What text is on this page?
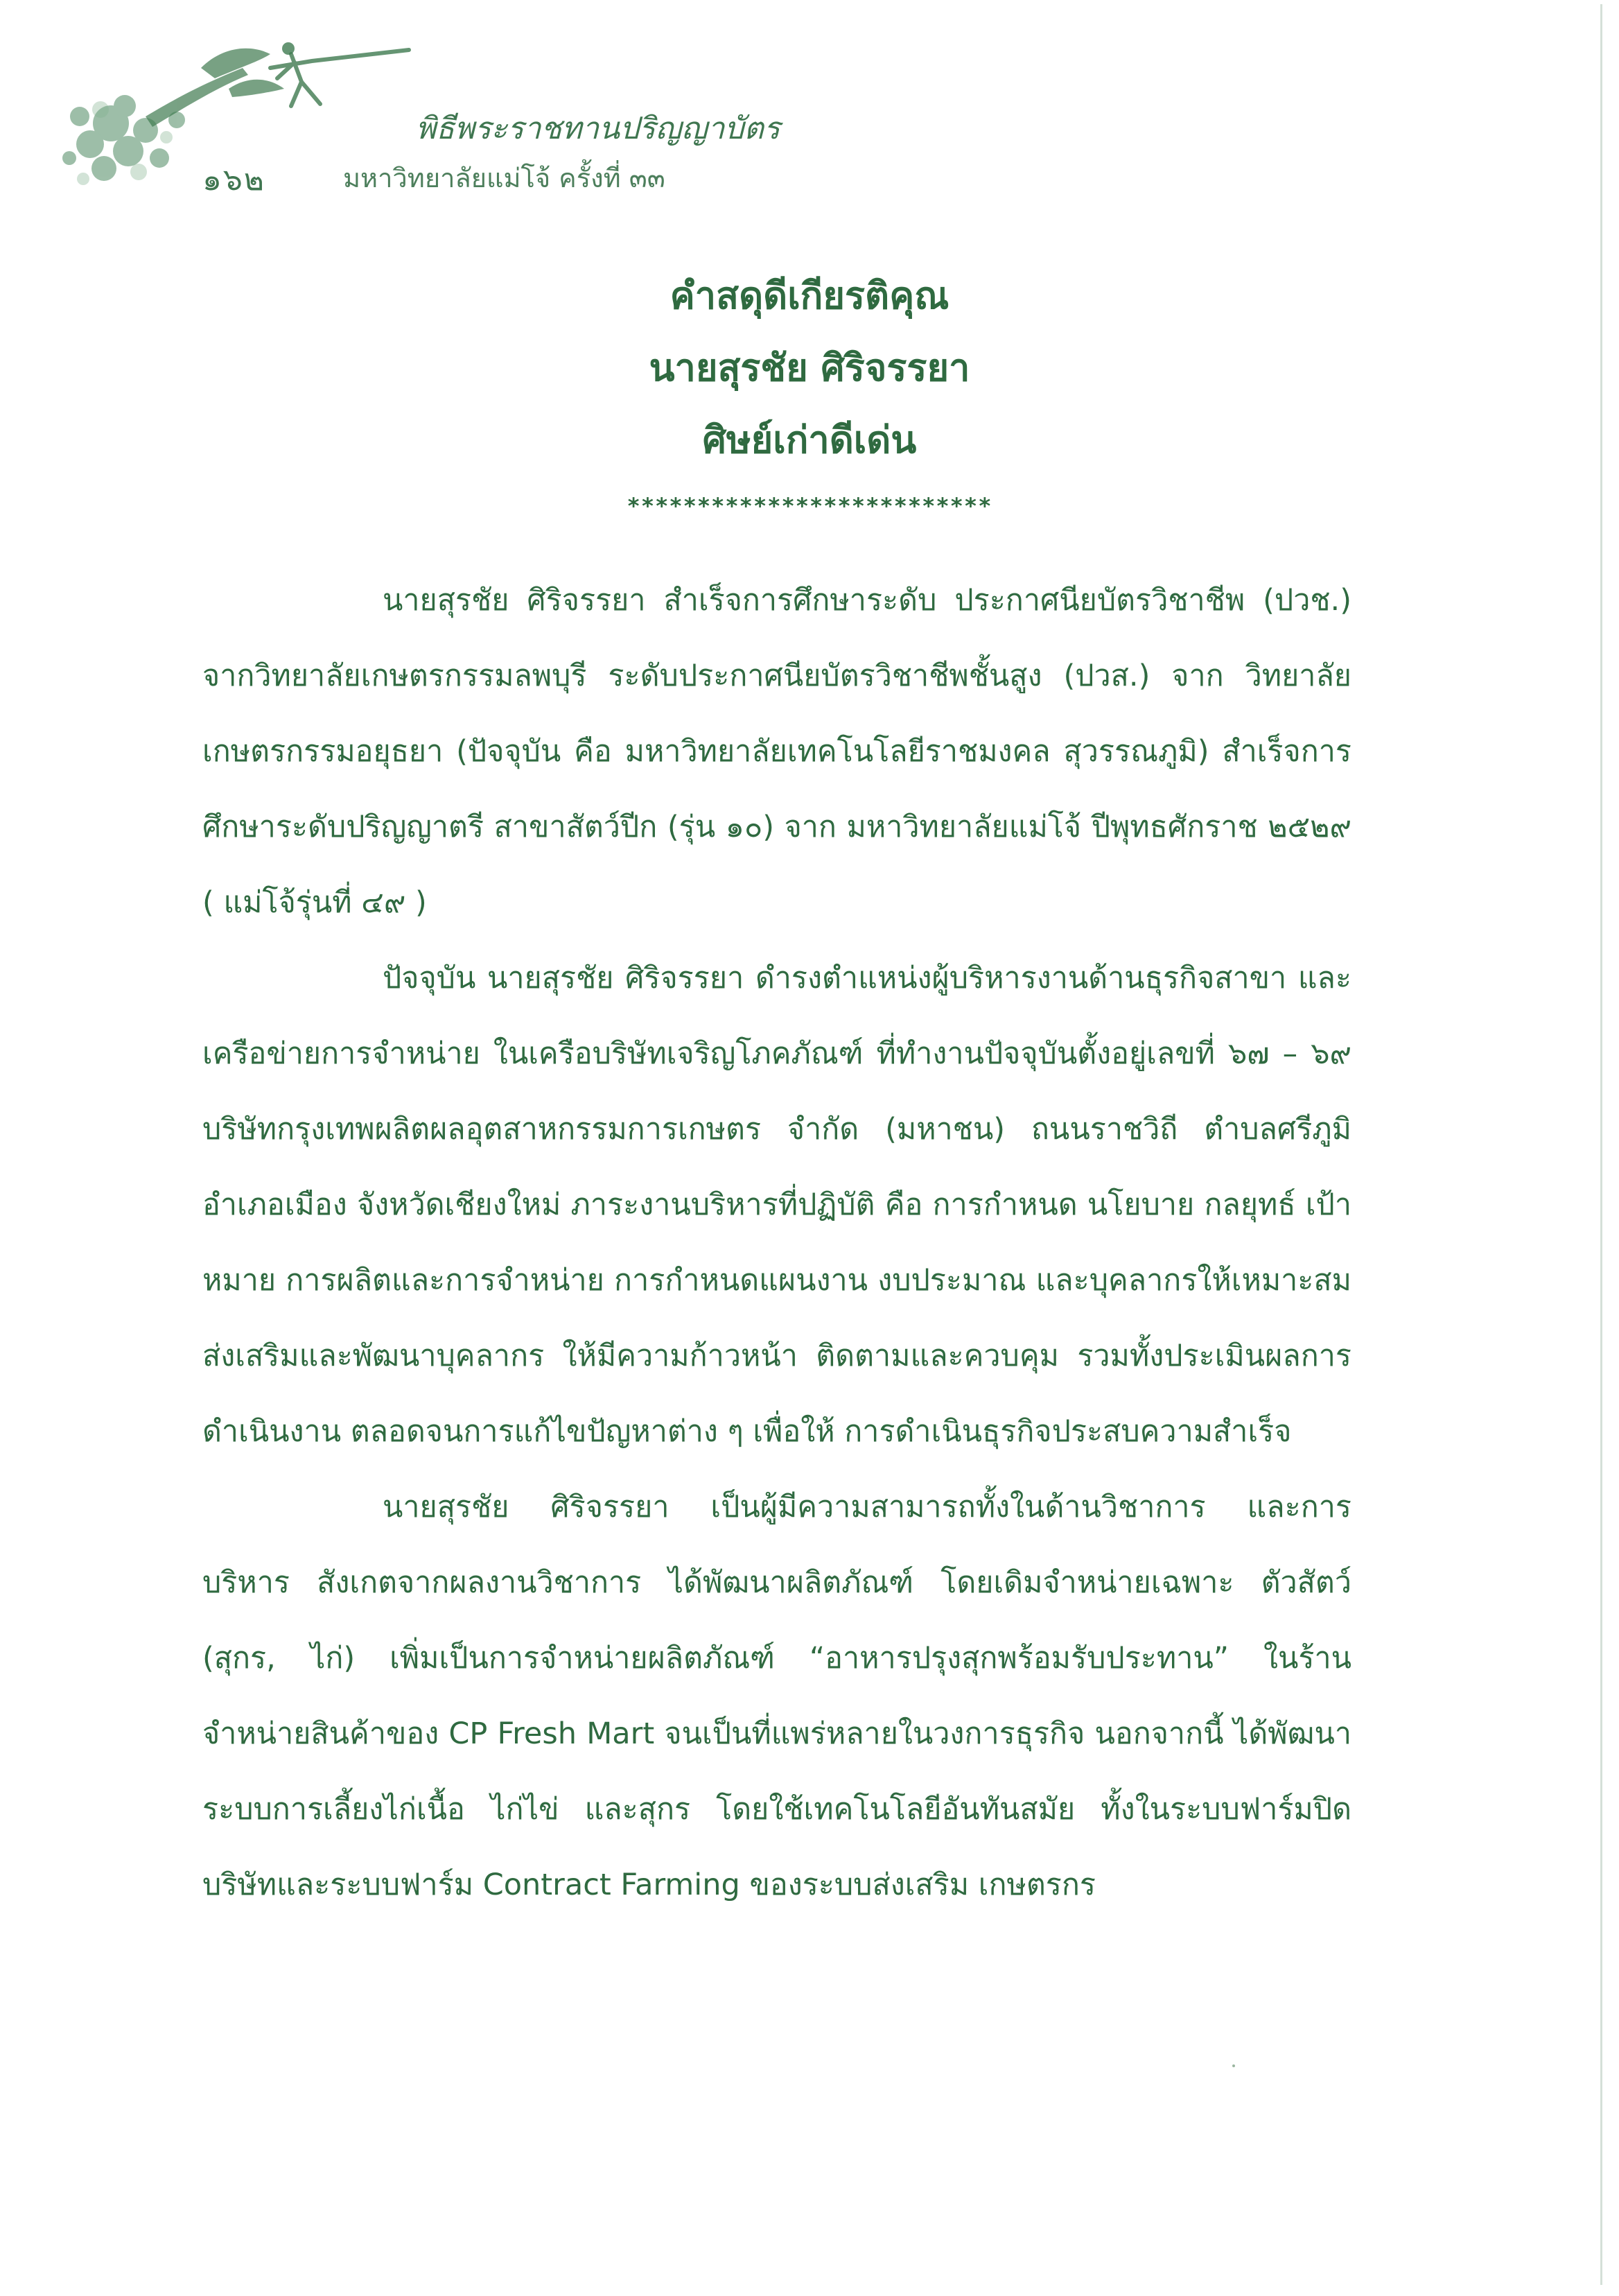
พิธีพระราชทานปริญญาบัตร
๑๖๒	มหาวิทยาลัยแม่โจ้ ครั้งที่ ๓๓

คำสดุดีเกียรติคุณ

นายสุรชัย ศิริจรรยา

ศิษย์เก่าดีเด่น

**************************

นายสุรชัย ศิริจรรยา สำเร็จการศึกษาระดับ ประกาศนียบัตรวิชาชีพ (ปวช.) จากวิทยาลัยเกษตรกรรมลพบุรี ระดับประกาศนียบัตรวิชาชีพชั้นสูง (ปวส.) จาก วิทยาลัยเกษตรกรรมอยุธยา (ปัจจุบัน คือ มหาวิทยาลัยเทคโนโลยีราชมงคล สุวรรณภูมิ) สำเร็จการศึกษาระดับปริญญาตรี สาขาสัตว์ปีก (รุ่น ๑๐) จาก มหาวิทยาลัยแม่โจ้ ปีพุทธศักราช ๒๕๒๙ ( แม่โจ้รุ่นที่ ๔๙ )

ปัจจุบัน นายสุรชัย ศิริจรรยา ดำรงตำแหน่งผู้บริหารงานด้านธุรกิจสาขา และเครือข่ายการจำหน่าย ในเครือบริษัทเจริญโภคภัณฑ์ ที่ทำงานปัจจุบันตั้งอยู่เลขที่ ๖๗ – ๖๙ บริษัทกรุงเทพผลิตผลอุตสาหกรรมการเกษตร จำกัด (มหาชน) ถนนราชวิถี ตำบลศรีภูมิ อำเภอเมือง จังหวัดเชียงใหม่ ภาระงานบริหารที่ปฏิบัติ คือ การกำหนด นโยบาย กลยุทธ์ เป้าหมาย การผลิตและการจำหน่าย การกำหนดแผนงาน งบประมาณ และบุคลากรให้เหมาะสม ส่งเสริมและพัฒนาบุคลากร ให้มีความก้าวหน้า ติดตามและควบคุม รวมทั้งประเมินผลการดำเนินงาน ตลอดจนการแก้ไขปัญหาต่าง ๆ เพื่อให้ การดำเนินธุรกิจประสบความสำเร็จ

นายสุรชัย ศิริจรรยา เป็นผู้มีความสามารถทั้งในด้านวิชาการ และการ บริหาร สังเกตจากผลงานวิชาการ ได้พัฒนาผลิตภัณฑ์ โดยเดิมจำหน่ายเฉพาะ ตัวสัตว์ (สุกร, ไก่) เพิ่มเป็นการจำหน่ายผลิตภัณฑ์ “อาหารปรุงสุกพร้อมรับประทาน” ในร้าน จำหน่ายสินค้าของ CP Fresh Mart จนเป็นที่แพร่หลายในวงการธุรกิจ นอกจากนี้ ได้พัฒนาระบบการเลี้ยงไก่เนื้อ ไก่ไข่ และสุกร โดยใช้เทคโนโลยีอันทันสมัย ทั้งในระบบฟาร์มปิด บริษัทและระบบฟาร์ม Contract Farming ของระบบส่งเสริม เกษตรกร
